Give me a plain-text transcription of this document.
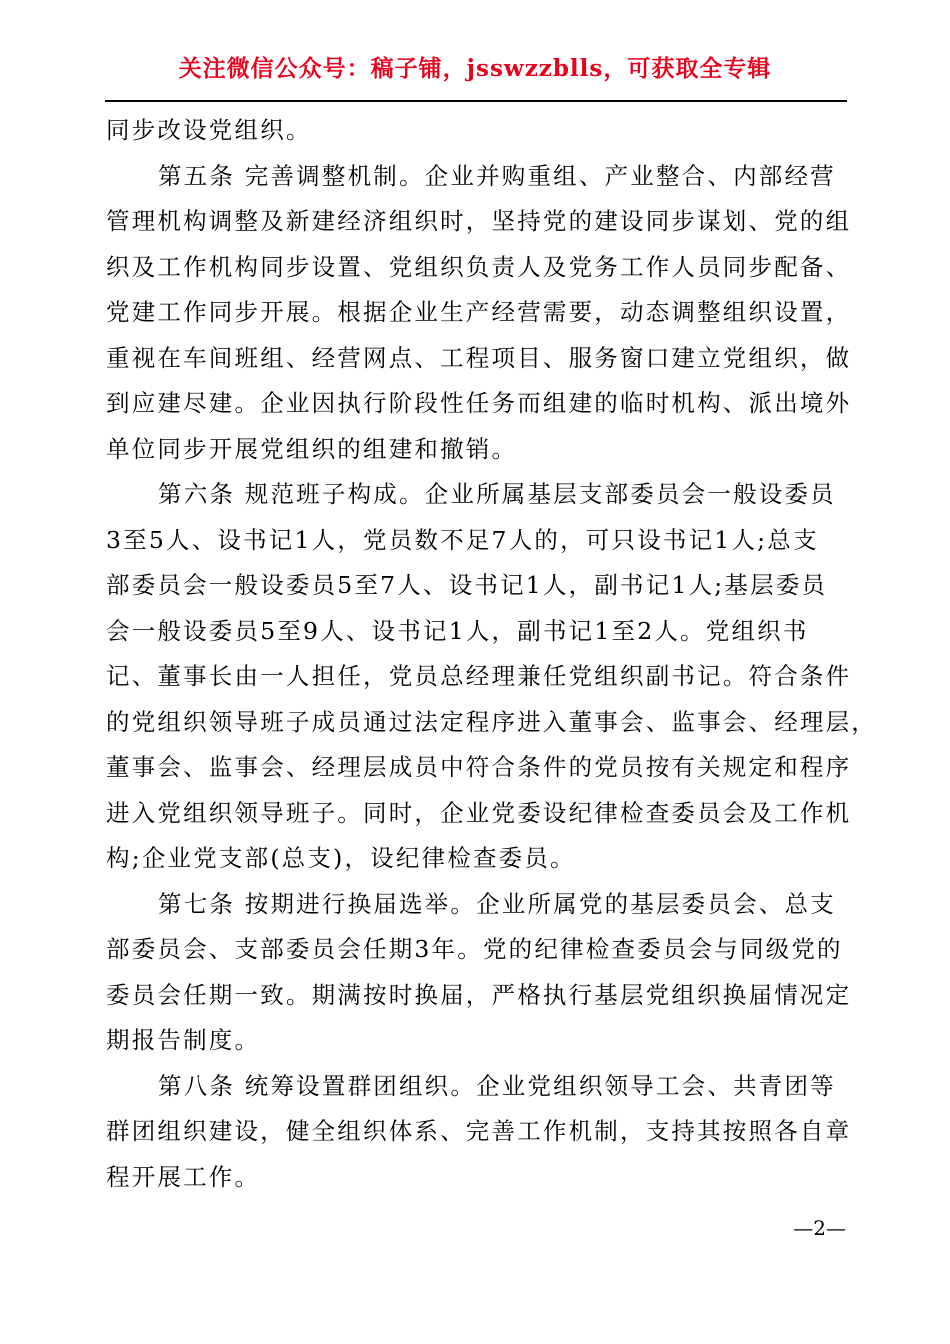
关注微信公众号：稿子铺，jsswzzblls，可获取全专辑
同步改设党组织。
第五条 完善调整机制。企业并购重组、产业整合、内部经营
管理机构调整及新建经济组织时，坚持党的建设同步谋划、党的组
织及工作机构同步设置、党组织负责人及党务工作人员同步配备、
党建工作同步开展。根据企业生产经营需要，动态调整组织设置，
重视在车间班组、经营网点、工程项目、服务窗口建立党组织，做
到应建尽建。企业因执行阶段性任务而组建的临时机构、派出境外
单位同步开展党组织的组建和撤销。
第六条 规范班子构成。企业所属基层支部委员会一般设委员
3至5人、设书记1人，党员数不足7人的，可只设书记1人;总支
部委员会一般设委员5至7人、设书记1人，副书记1人;基层委员
会一般设委员5至9人、设书记1人，副书记1至2人。党组织书
记、董事长由一人担任，党员总经理兼任党组织副书记。符合条件
的党组织领导班子成员通过法定程序进入董事会、监事会、经理层，
董事会、监事会、经理层成员中符合条件的党员按有关规定和程序
进入党组织领导班子。同时，企业党委设纪律检查委员会及工作机
构;企业党支部(总支)，设纪律检查委员。
第七条 按期进行换届选举。企业所属党的基层委员会、总支
部委员会、支部委员会任期3年。党的纪律检查委员会与同级党的
委员会任期一致。期满按时换届，严格执行基层党组织换届情况定
期报告制度。
第八条 统筹设置群团组织。企业党组织领导工会、共青团等
群团组织建设，健全组织体系、完善工作机制，支持其按照各自章
程开展工作。
—2—
